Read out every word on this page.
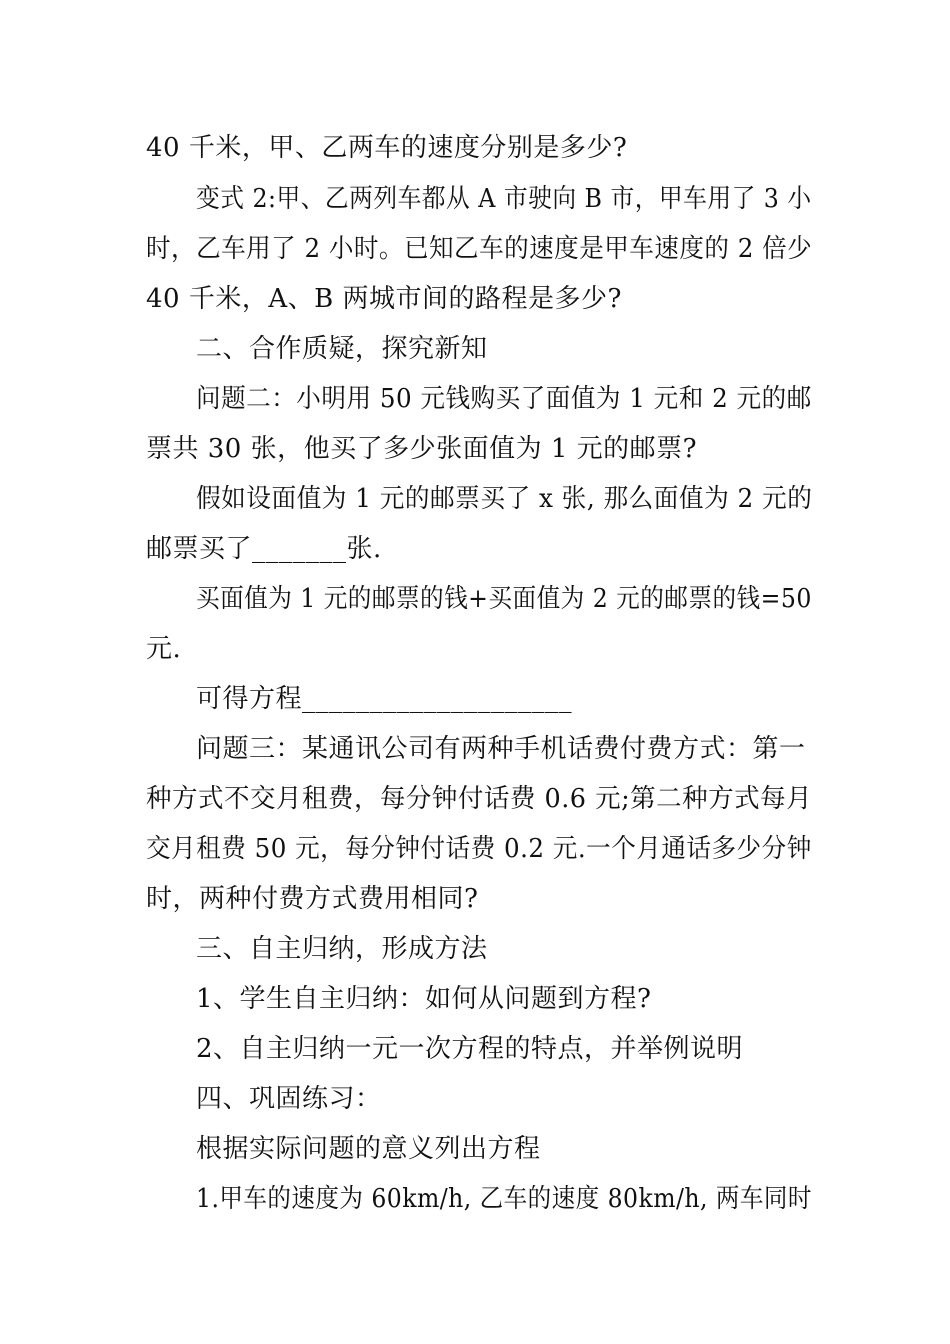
40 千米，甲、乙两车的速度分别是多少?
变式 2:甲、乙两列车都从 A 市驶向 B 市，甲车用了 3 小
时，乙车用了 2 小时。已知乙车的速度是甲车速度的 2 倍少
40 千米，A、B 两城市间的路程是多少?
二、合作质疑，探究新知
问题二：小明用 50 元钱购买了面值为 1 元和 2 元的邮
票共 30 张，他买了多少张面值为 1 元的邮票?
假如设面值为 1 元的邮票买了 x 张, 那么面值为 2 元的
邮票买了_______张.
买面值为 1 元的邮票的钱+买面值为 2 元的邮票的钱=50
元.
可得方程____________________
问题三：某通讯公司有两种手机话费付费方式：第一
种方式不交月租费，每分钟付话费 0.6 元;第二种方式每月
交月租费 50 元，每分钟付话费 0.2 元.一个月通话多少分钟
时，两种付费方式费用相同?
三、自主归纳，形成方法
1、学生自主归纳：如何从问题到方程?
2、自主归纳一元一次方程的特点，并举例说明
四、巩固练习：
根据实际问题的意义列出方程
1.甲车的速度为 60km/h, 乙车的速度 80km/h, 两车同时
